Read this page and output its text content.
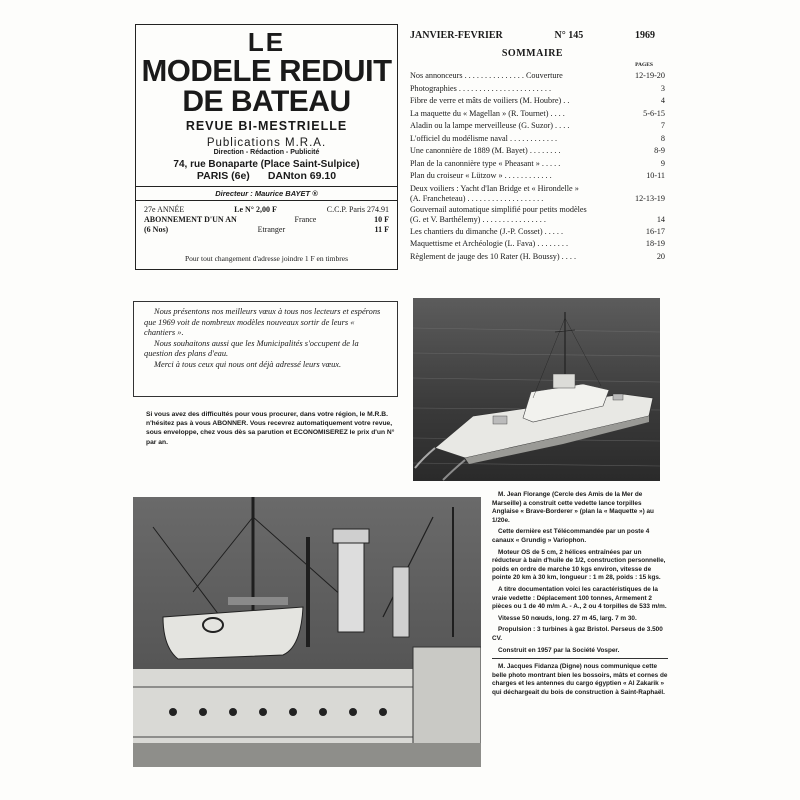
LE
MODELE REDUIT
DE BATEAU
REVUE BI-MESTRIELLE
Publications M.R.A.
Direction - Rédaction - Publicité
74, rue Bonaparte (Place Saint-Sulpice)
PARIS (6e) DANton 69.10
Directeur : Maurice BAYET ®
27e ANNÉE	Le N° 2,00 F	C.C.P. Paris 274.91
ABONNEMENT D'UN AN	France	10 F
(6 Nos)	Etranger	11 F
Pour tout changement d'adresse joindre 1 F en timbres
JANVIER-FEVRIER	N° 145	1969
SOMMAIRE
PAGES
Nos annonceurs . . . . . . . . . . . . . . . Couverture	12-19-20
Photographies . . . . . . . . . . . . . . . . . . . . . . .	3
Fibre de verre et mâts de voiliers (M. Houbre) . .	4
La maquette du « Magellan » (R. Tournet) . . . .	5-6-15
Aladin ou la lampe merveilleuse (G. Suzor) . . . .	7
L'officiel du modélisme naval . . . . . . . . . . . .	8
Une canonnière de 1889 (M. Bayet) . . . . . . . .	8-9
Plan de la canonnière type « Pheasant » . . . . .	9
Plan du croiseur « Lützow » . . . . . . . . . . . .	10-11
Deux voiliers : Yacht d'Ian Bridge et « Hirondelle »
(A. Francheteau) . . . . . . . . . . . . . . . . . . .	12-13-19
Gouvernail automatique simplifié pour petits modèles
(G. et V. Barthélemy) . . . . . . . . . . . . . . . .	14
Les chantiers du dimanche (J.-P. Cosset) . . . . .	16-17
Maquettisme et Archéologie (L. Fava) . . . . . . . .	18-19
Règlement de jauge des 10 Rater (H. Boussy) . . . .	20

Nous présentons nos meilleurs vœux à tous nos lecteurs et espérons que 1969 voit de nombreux modèles nouveaux sortir de leurs « chantiers ».

Nous souhaitons aussi que les Municipalités s'occupent de la question des plans d'eau.

Merci à tous ceux qui nous ont déjà adressé leurs vœux.

Si vous avez des difficultés pour vous procurer, dans votre région, le M.R.B. n'hésitez pas à vous ABONNER. Vous recevrez automatiquement votre revue, sous enveloppe, chez vous dès sa parution et ECONOMISEREZ le prix d'un N° par an.

M. Jean Florange (Cercle des Amis de la Mer de Marseille) a construit cette vedette lance torpilles Anglaise « Brave-Borderer » (plan la « Maquette ») au 1/20e.

Cette dernière est Télécommandée par un poste 4 canaux « Grundig » Variophon.

Moteur OS de 5 cm, 2 hélices entraînées par un réducteur à bain d'huile de 1/2, construction personnelle, poids en ordre de marche 10 kgs environ, vitesse de pointe 20 km à 30 km, longueur : 1 m 28, poids : 15 kgs.

A titre documentation voici les caractéristiques de la vraie vedette : Déplacement 100 tonnes, Armement 2 pièces ou 1 de 40 m/m A. - A., 2 ou 4 torpilles de 533 m/m.

Vitesse 50 nœuds, long. 27 m 45, larg. 7 m 30.

Propulsion : 3 turbines à gaz Bristol. Perseus de 3.500 CV.

Construit en 1957 par la Société Vosper.

M. Jacques Fidanza (Digne) nous communique cette belle photo montrant bien les bossoirs, mâts et cornes de charges et les antennes du cargo égyptien « Al Zakarik » qui déchargeait du bois de construction à Saint-Raphaël.
